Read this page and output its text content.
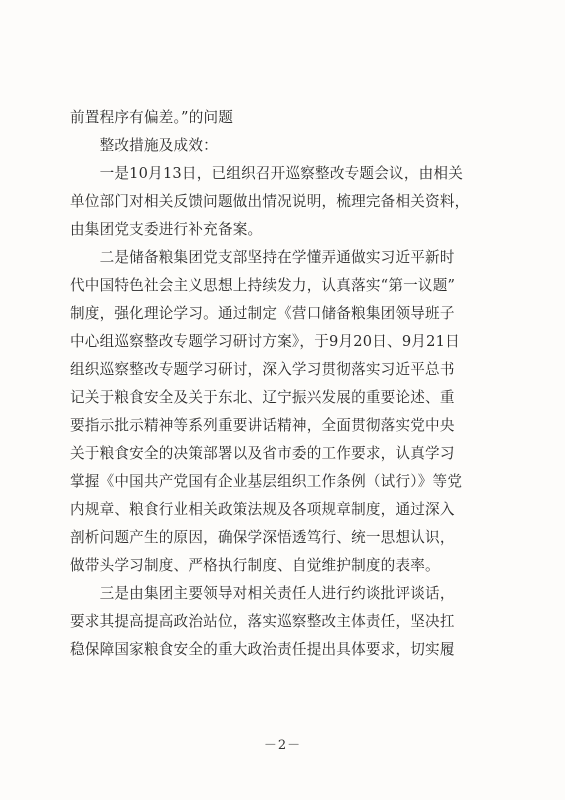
前置程序有偏差。”的问题
　　整改措施及成效：
　　一是10月13日，已组织召开巡察整改专题会议，由相关
单位部门对相关反馈问题做出情况说明，梳理完备相关资料，
由集团党支委进行补充备案。
　　二是储备粮集团党支部坚持在学懂弄通做实习近平新时
代中国特色社会主义思想上持续发力，认真落实“第一议题”
制度，强化理论学习。通过制定《营口储备粮集团领导班子
中心组巡察整改专题学习研讨方案》，于9月20日、9月21日
组织巡察整改专题学习研讨，深入学习贯彻落实习近平总书
记关于粮食安全及关于东北、辽宁振兴发展的重要论述、重
要指示批示精神等系列重要讲话精神，全面贯彻落实党中央
关于粮食安全的决策部署以及省市委的工作要求，认真学习
掌握《中国共产党国有企业基层组织工作条例（试行）》等党
内规章、粮食行业相关政策法规及各项规章制度，通过深入
剖析问题产生的原因，确保学深悟透笃行、统一思想认识，
做带头学习制度、严格执行制度、自觉维护制度的表率。
　　三是由集团主要领导对相关责任人进行约谈批评谈话，
要求其提高提高政治站位，落实巡察整改主体责任，坚决扛
稳保障国家粮食安全的重大政治责任提出具体要求，切实履
－2－
